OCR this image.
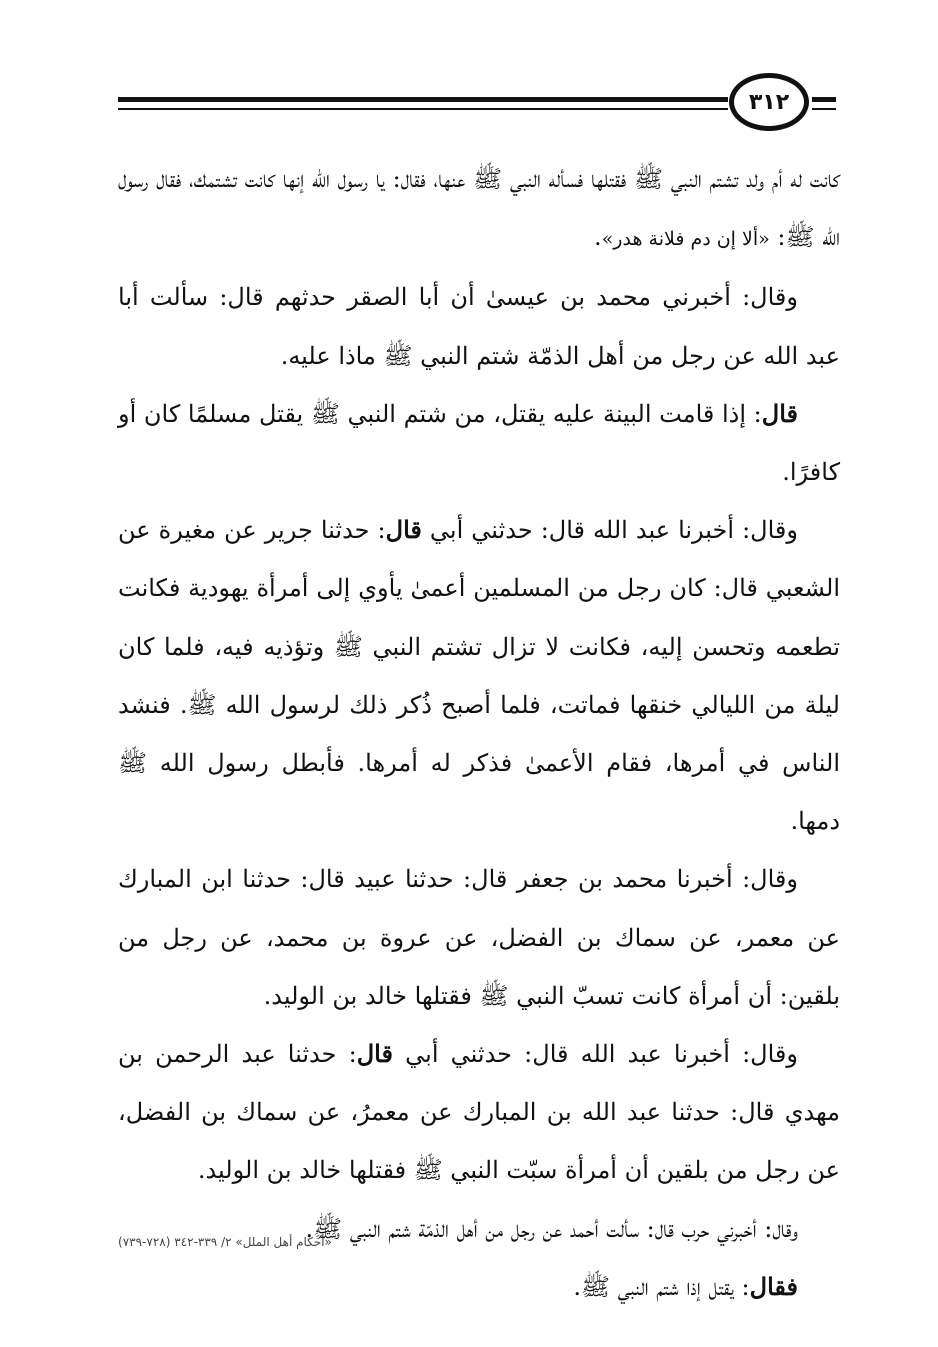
٣١٢

كانت له أم ولد تشتم النبي ﷺ فقتلها فسأله النبي ﷺ عنها، فقال: يا رسول الله إنها كانت تشتمك، فقال رسول الله ﷺ: «ألا إن دم فلانة هدر».

وقال: أخبرني محمد بن عيسىٰ أن أبا الصقر حدثهم قال: سألت أبا عبد الله عن رجل من أهل الذمّة شتم النبي ﷺ ماذا عليه.

قال: إذا قامت البينة عليه يقتل، من شتم النبي ﷺ يقتل مسلمًا كان أو كافرًا.

وقال: أخبرنا عبد الله قال: حدثني أبي قال: حدثنا جرير عن مغيرة عن الشعبي قال: كان رجل من المسلمين أعمىٰ يأوي إلى أمرأة يهودية فكانت تطعمه وتحسن إليه، فكانت لا تزال تشتم النبي ﷺ وتؤذيه فيه، فلما كان ليلة من الليالي خنقها فماتت، فلما أصبح ذُكر ذلك لرسول الله ﷺ. فنشد الناس في أمرها، فقام الأعمىٰ فذكر له أمرها. فأبطل رسول الله ﷺ دمها.

وقال: أخبرنا محمد بن جعفر قال: حدثنا عبيد قال: حدثنا ابن المبارك عن معمر، عن سماك بن الفضل، عن عروة بن محمد، عن رجل من بلقين: أن أمرأة كانت تسبّ النبي ﷺ فقتلها خالد بن الوليد.

وقال: أخبرنا عبد الله قال: حدثني أبي قال: حدثنا عبد الرحمن بن مهدي قال: حدثنا عبد الله بن المبارك عن معمرُ، عن سماك بن الفضل، عن رجل من بلقين أن أمرأة سبّت النبي ﷺ فقتلها خالد بن الوليد.

وقال: أخبرني حرب قال: سألت أحمد عن رجل من أهل الذمّة شتم النبي ﷺ.

فقال: يقتل إذا شتم النبي ﷺ.

«أحكام أهل الملل» ٢/ ٣٣٩-٣٤٢ (٧٢٨-٧٣٩)
